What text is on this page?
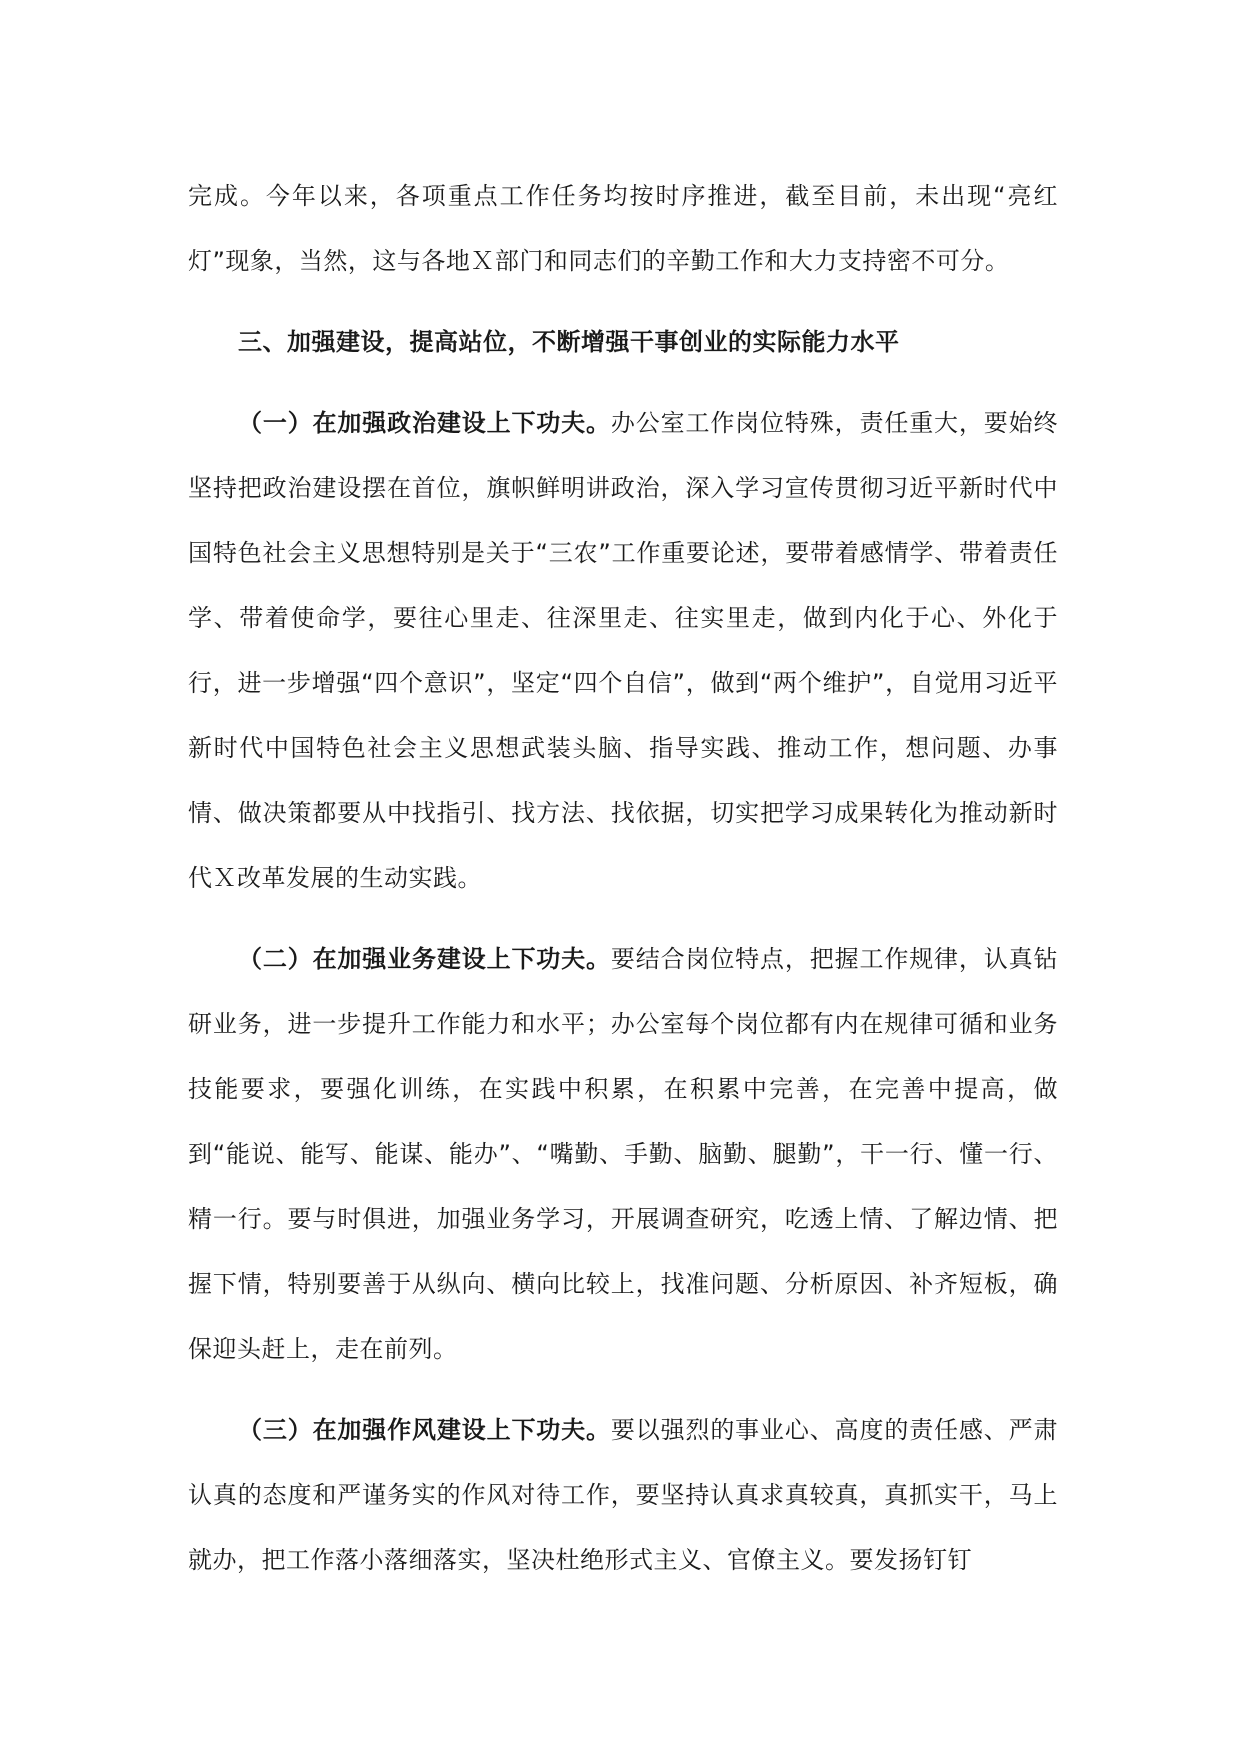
完成。今年以来，各项重点工作任务均按时序推进，截至目前，未出现“亮红灯”现象，当然，这与各地Ｘ部门和同志们的辛勤工作和大力支持密不可分。

三、加强建设，提高站位，不断增强干事创业的实际能力水平

（一）在加强政治建设上下功夫。办公室工作岗位特殊，责任重大，要始终坚持把政治建设摆在首位，旗帜鲜明讲政治，深入学习宣传贯彻习近平新时代中国特色社会主义思想特别是关于“三农”工作重要论述，要带着感情学、带着责任学、带着使命学，要往心里走、往深里走、往实里走，做到内化于心、外化于行，进一步增强“四个意识”，坚定“四个自信”，做到“两个维护”，自觉用习近平新时代中国特色社会主义思想武装头脑、指导实践、推动工作，想问题、办事情、做决策都要从中找指引、找方法、找依据，切实把学习成果转化为推动新时代Ｘ改革发展的生动实践。

（二）在加强业务建设上下功夫。要结合岗位特点，把握工作规律，认真钻研业务，进一步提升工作能力和水平；办公室每个岗位都有内在规律可循和业务技能要求，要强化训练，在实践中积累，在积累中完善，在完善中提高，做到“能说、能写、能谋、能办”、“嘴勤、手勤、脑勤、腿勤”，干一行、懂一行、精一行。要与时俱进，加强业务学习，开展调查研究，吃透上情、了解边情、把握下情，特别要善于从纵向、横向比较上，找准问题、分析原因、补齐短板，确保迎头赶上，走在前列。

（三）在加强作风建设上下功夫。要以强烈的事业心、高度的责任感、严肃认真的态度和严谨务实的作风对待工作，要坚持认真求真较真，真抓实干，马上就办，把工作落小落细落实，坚决杜绝形式主义、官僚主义。要发扬钉钉
